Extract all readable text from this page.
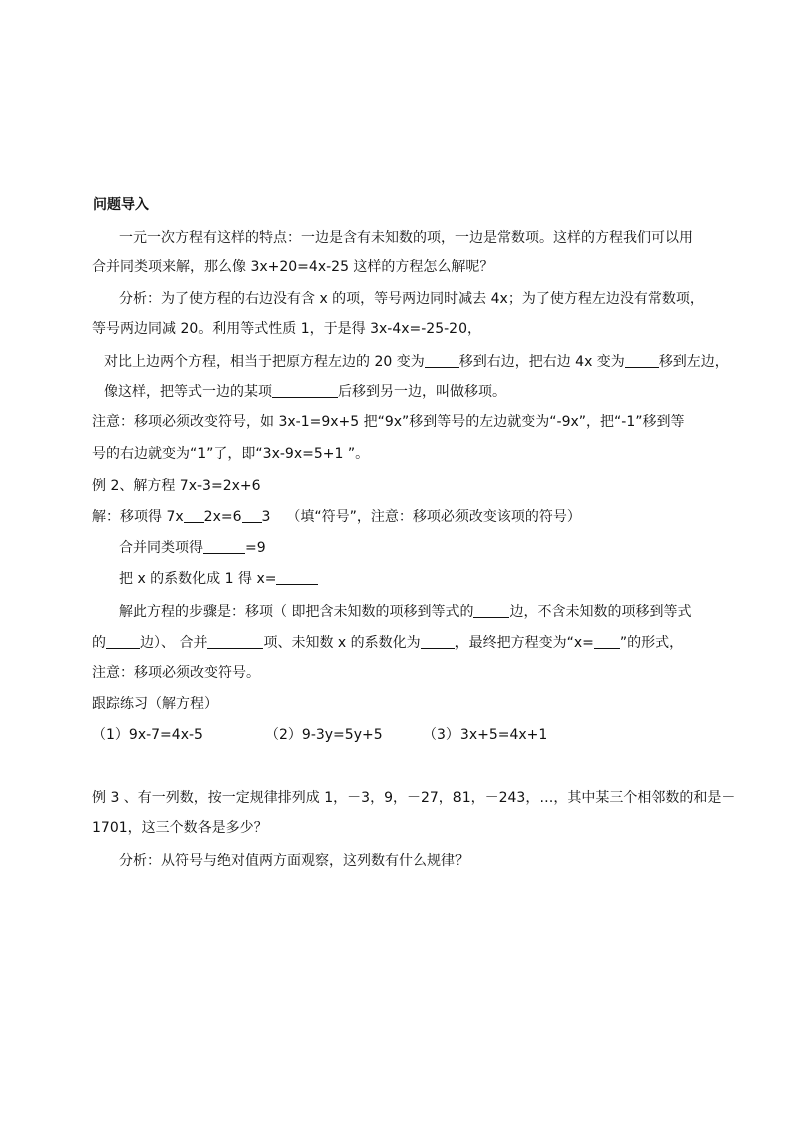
问题导入
一元一次方程有这样的特点：一边是含有未知数的项，一边是常数项。这样的方程我们可以用
合并同类项来解，那么像 3x+20=4x-25 这样的方程怎么解呢？
分析：为了使方程的右边没有含 x 的项，等号两边同时减去 4x；为了使方程左边没有常数项，
等号两边同减 20。利用等式性质 1，于是得 3x-4x=-25-20，
对比上边两个方程，相当于把原方程左边的 20 变为 移到右边，把右边 4x 变为 移到左边，
像这样，把等式一边的某项	后移到另一边，叫做移项。
注意：移项必须改变符号，如 3x-1=9x+5 把“9x”移到等号的左边就变为“-9x”，把“-1”移到等
号的右边就变为“1”了，即“3x-9x=5+1 ”。
例 2、解方程 7x-3=2x+6
解：移项得 7x 2x=6 3 （填“符号”，注意：移项必须改变该项的符号）
合并同类项得	=9
把 x 的系数化成 1 得 x=
解此方程的步骤是：移项（ 即把含未知数的项移到等式的	边，不含未知数的项移到等式
的 边）、 合并	项、未知数 x 的系数化为 ，最终把方程变为“x= ”的形式，
注意：移项必须改变符号。
跟踪练习（解方程）
（1）9x-7=4x-5	（2）9-3y=5y+5	（3）3x+5=4x+1
例 3 、有一列数，按一定规律排列成 1，－3，9，－27，81，－243，…，其中某三个相邻数的和是－
1701，这三个数各是多少？
分析：从符号与绝对值两方面观察，这列数有什么规律？
